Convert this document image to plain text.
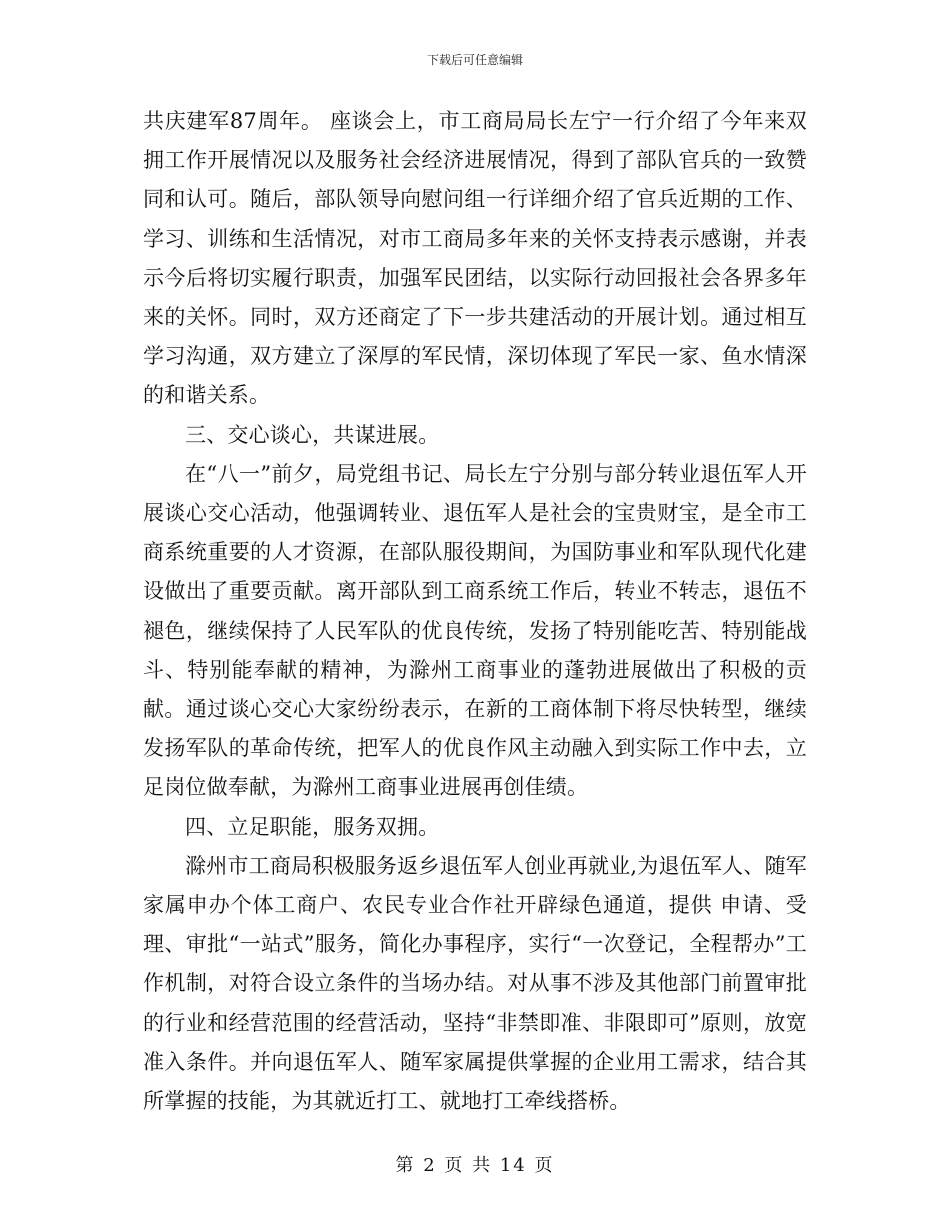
下载后可任意编辑

共庆建军87周年。 座谈会上，市工商局局长左宁一行介绍了今年来双拥工作开展情况以及服务社会经济进展情况，得到了部队官兵的一致赞同和认可。随后，部队领导向慰问组一行详细介绍了官兵近期的工作、学习、训练和生活情况，对市工商局多年来的关怀支持表示感谢，并表示今后将切实履行职责，加强军民团结，以实际行动回报社会各界多年来的关怀。同时，双方还商定了下一步共建活动的开展计划。通过相互学习沟通，双方建立了深厚的军民情，深切体现了军民一家、鱼水情深的和谐关系。

三、交心谈心，共谋进展。

在“八一”前夕，局党组书记、局长左宁分别与部分转业退伍军人开展谈心交心活动，他强调转业、退伍军人是社会的宝贵财宝，是全市工商系统重要的人才资源，在部队服役期间，为国防事业和军队现代化建设做出了重要贡献。离开部队到工商系统工作后，转业不转志，退伍不褪色，继续保持了人民军队的优良传统，发扬了特别能吃苦、特别能战斗、特别能奉献的精神，为滁州工商事业的蓬勃进展做出了积极的贡献。通过谈心交心大家纷纷表示，在新的工商体制下将尽快转型，继续发扬军队的革命传统，把军人的优良作风主动融入到实际工作中去，立足岗位做奉献，为滁州工商事业进展再创佳绩。

四、立足职能，服务双拥。

滁州市工商局积极服务返乡退伍军人创业再就业,为退伍军人、随军家属申办个体工商户、农民专业合作社开辟绿色通道，提供 申请、受理、审批“一站式”服务，简化办事程序，实行“一次登记，全程帮办”工作机制，对符合设立条件的当场办结。对从事不涉及其他部门前置审批的行业和经营范围的经营活动，坚持“非禁即准、非限即可”原则，放宽准入条件。并向退伍军人、随军家属提供掌握的企业用工需求，结合其所掌握的技能，为其就近打工、就地打工牵线搭桥。

第 2 页 共 14 页
